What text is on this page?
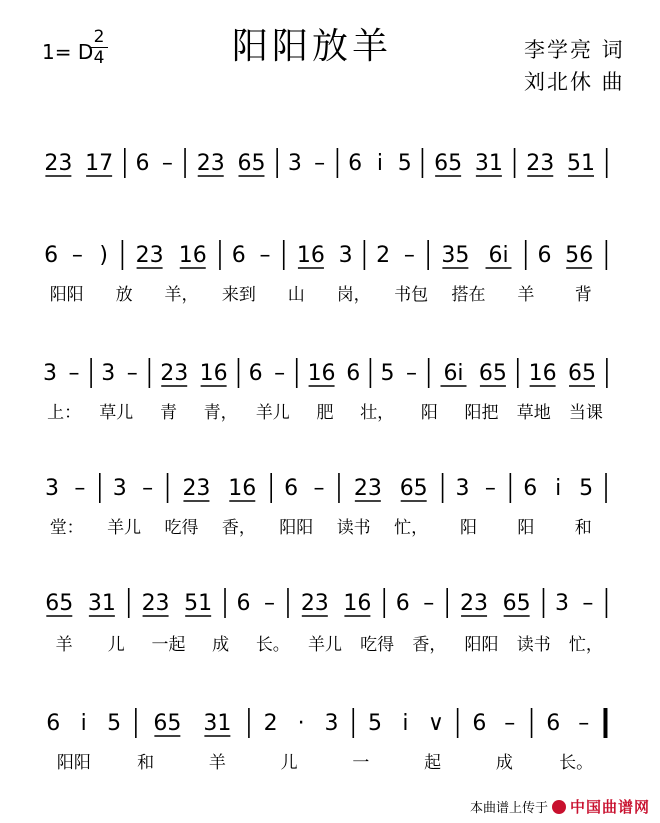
阳阳放羊
1= D
2
4	李学亮 词
刘北休 曲
23 17 6 – 23 65 3 – 6 i 5 65 31 23 51
6 – ) 23 16 6 – 16 3 2 – 35 6i 6 56
阳阳 放 羊， 来到 山 岗， 书包 搭在 羊 背
3 – 3 – 23 16 6 – 16 6 5 – 6i 65 16 65
上： 草儿 青 青， 羊儿 肥 壮， 阳 阳把 草地 当课
3 – 3 – 23 16 6 – 23 65 3 – 6 i 5
堂： 羊儿 吃得 香， 阳阳 读书 忙， 阳 阳 和
65 31 23 51 6 – 23 16 6 – 23 65 3 –
羊 儿 一起 成 长。 羊儿 吃得 香， 阳阳 读书 忙，
6 i 5 65 31 2 · 3 5 i ∨ 6 – 6 –
阳阳	和	羊	儿	一	起	成	长。
本曲谱上传于 中国曲谱网
